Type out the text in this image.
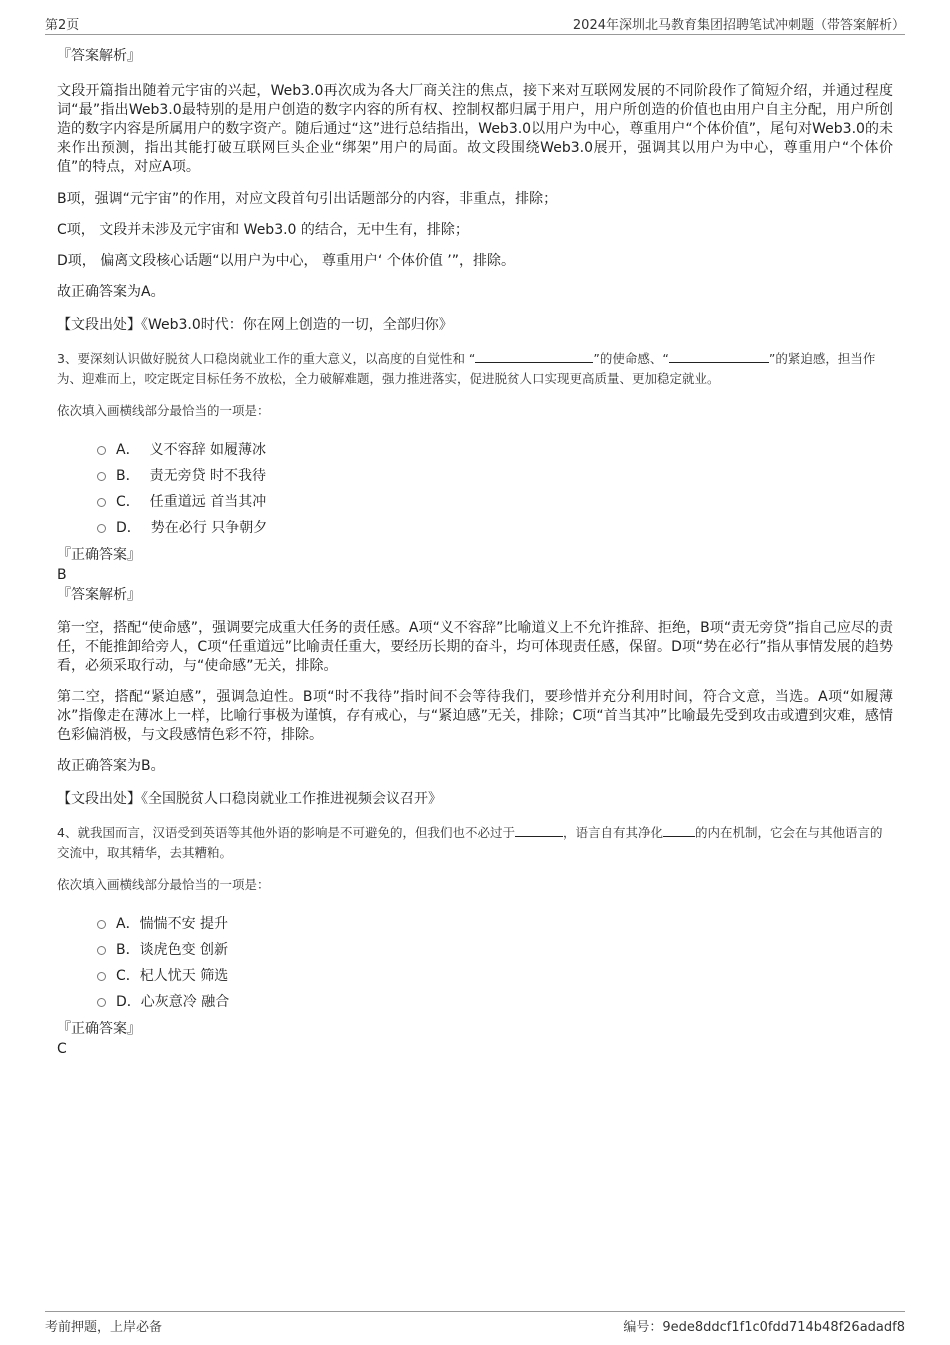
第2页	2024年深圳北马教育集团招聘笔试冲刺题（带答案解析）

『答案解析』

文段开篇指出随着元宇宙的兴起，Web3.0再次成为各大厂商关注的焦点，接下来对互联网发展的不同阶段作了简短介绍，并通过程度词“最”指出Web3.0最特别的是用户创造的数字内容的所有权、控制权都归属于用户，用户所创造的价值也由用户自主分配，用户所创造的数字内容是所属用户的数字资产。随后通过“这”进行总结指出，Web3.0以用户为中心，尊重用户“个体价值”，尾句对Web3.0的未来作出预测，指出其能打破互联网巨头企业“绑架”用户的局面。故文段围绕Web3.0展开，强调其以用户为中心，尊重用户“个体价值”的特点，对应A项。

B项，强调“元宇宙”的作用，对应文段首句引出话题部分的内容，非重点，排除；

C项， 文段并未涉及元宇宙和 Web3.0 的结合，无中生有，排除；

D项， 偏离文段核心话题“以用户为中心， 尊重用户‘ 个体价值 ’”，排除。

故正确答案为A。

【文段出处】《Web3.0时代：你在网上创造的一切，全部归你》

3、要深刻认识做好脱贫人口稳岗就业工作的重大意义，以高度的自觉性和 “	”的使命感、“	”的紧迫感，担当作为、迎难而上，咬定既定目标任务不放松，全力破解难题，强力推进落实，促进脱贫人口实现更高质量、更加稳定就业。

依次填入画横线部分最恰当的一项是：

A． 义不容辞 如履薄冰
B． 责无旁贷 时不我待
C． 任重道远 首当其冲
D． 势在必行 只争朝夕

『正确答案』

B

『答案解析』

第一空，搭配“使命感”，强调要完成重大任务的责任感。A项“义不容辞”比喻道义上不允许推辞、拒绝，B项“责无旁贷”指自己应尽的责任，不能推卸给旁人，C项“任重道远”比喻责任重大，要经历长期的奋斗，均可体现责任感，保留。D项“势在必行”指从事情发展的趋势看，必须采取行动，与“使命感”无关，排除。

第二空，搭配“紧迫感”，强调急迫性。B项“时不我待”指时间不会等待我们，要珍惜并充分利用时间，符合文意，当选。A项“如履薄冰”指像走在薄冰上一样，比喻行事极为谨慎，存有戒心，与“紧迫感”无关，排除；C项“首当其冲”比喻最先受到攻击或遭到灾难，感情色彩偏消极，与文段感情色彩不符，排除。

故正确答案为B。

【文段出处】《全国脱贫人口稳岗就业工作推进视频会议召开》

4、就我国而言，汉语受到英语等其他外语的影响是不可避免的，但我们也不必过于	，语言自有其净化	的内在机制，它会在与其他语言的交流中，取其精华，去其糟粕。

依次填入画横线部分最恰当的一项是：

A． 惴惴不安 提升
B． 谈虎色变 创新
C． 杞人忧天 筛选
D． 心灰意冷 融合

『正确答案』

C

考前押题，上岸必备	编号：9ede8ddcf1f1c0fdd714b48f26adadf8
